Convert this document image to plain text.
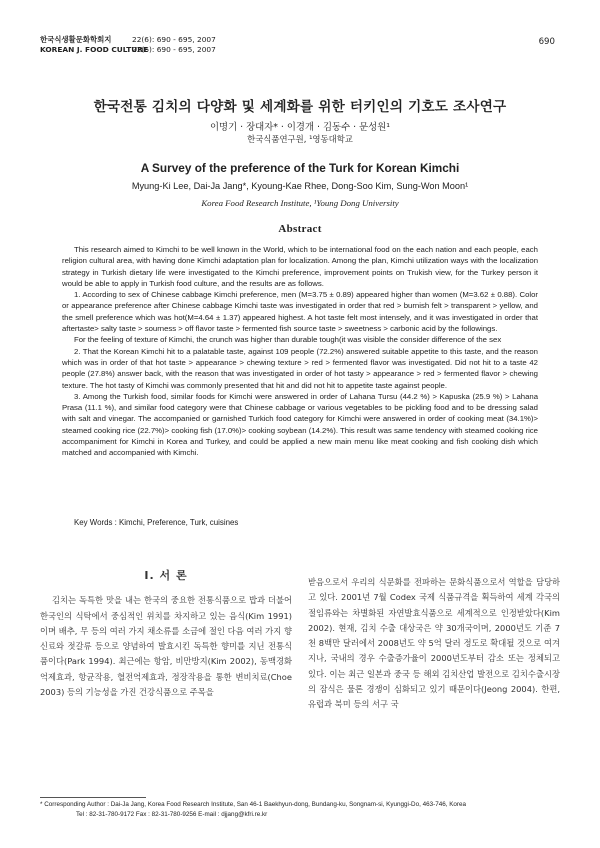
한국식생활문화학회지	22(6): 690 - 695, 2007
KOREAN J. FOOD CULTURE22(6): 690 - 695, 2007
690
한국전통 김치의 다양화 및 세계화를 위한 터키인의 기호도 조사연구
이명기 · 장대자* · 이경개 · 김동수 · 문성원¹
한국식품연구원, ¹영동대학교
A Survey of the preference of the Turk for Korean Kimchi
Myung-Ki Lee, Dai-Ja Jang*, Kyoung-Kae Rhee, Dong-Soo Kim, Sung-Won Moon¹
Korea Food Research Institute, ¹Young Dong University
Abstract

This research aimed to Kimchi to be well known in the World, which to be international food on the each nation and each people, each religion cultural area, with having done Kimchi adaptation plan for localization. Among the plan, Kimchi utilization ways with the localization strategy in Turkish dietary life were investigated to the Kimchi preference, improvement points on Trukish view, for the Turkey person it would be able to apply in Turkish food culture, and the results are as follows.

1. According to sex of Chinese cabbage Kimchi preference, men (M=3.75 ± 0.89) appeared higher than women (M=3.62 ± 0.88). Color or appearance preference after Chinese cabbage Kimchi taste was investigated in order that red > burnish felt > transparent > yellow, and the smell preference which was hot(M=4.64 ± 1.37) appeared highest. A hot taste felt most intensely, and it was investigated in order that aftertaste> salty taste > sourness > off flavor taste > fermented fish source taste > sweetness > carbonic acid by the followings.

For the feeling of texture of Kimchi, the crunch was higher than durable tough(it was visible the consider difference of the sex

2. That the Korean Kimchi hit to a palatable taste, against 109 people (72.2%) answered suitable appetite to this taste, and the reason which was in order of that hot taste > appearance > chewing texture > red > fermented flavor was investigated. Did not hit to a taste 42 people (27.8%) answer back, with the reason that was investigated in order of hot tasty > appearance > red > fermented flavor > chewing texture. The hot tasty of Kimchi was commonly presented that hit and did not hit to appetite taste against people.

3. Among the Turkish food, similar foods for Kimchi were answered in order of Lahana Tursu (44.2 %) > Kapuska (25.9 %) > Lahana Prasa (11.1 %), and similar food category were that Chinese cabbage or various vegetables to be pickling food and to be dressing salad with salt and vinegar. The accompanied or garnished Turkich food category for Kimchi were answered in order of cooking meat (34.1%)> steamed cooking rice (22.7%)> cooking fish (17.0%)> cooking soybean (14.2%). This result was same tendency with steamed cooking rice accompaniment for Kimchi in Korea and Turkey, and could be applied a new main menu like meat cooking and fish cooking dish which matched and accompanied with Kimchi.

Key Words : Kimchi, Preference, Turk, cuisines
Ⅰ. 서 론

김치는 독특한 맛을 내는 한국의 중요한 전통식품으로 밥과 더불어 한국인의 식탁에서 중심적인 위치를 차지하고 있는 음식(Kim 1991)이며 배추, 무 등의 여러 가지 채소류를 소금에 절인 다음 여러 가지 향신료와 젓갈류 등으로 양념하여 발효시킨 독특한 향미를 지닌 전통식품이다(Park 1994). 최근에는 항암, 비만방지(Kim 2002), 동맥경화 억제효과, 항균작용, 혈전억제효과, 정장작용을 통한 변비치료(Choe 2003) 등의 기능성을 가진 건강식품으로 주목을

받음으로서 우리의 식문화를 전파하는 문화식품으로서 역할을 담당하고 있다. 2001년 7월 Codex 국제 식품규격을 획득하여 세계 각국의 절임류와는 차별화된 자연발효식품으로 세계적으로 인정받았다(Kim 2002). 현재, 김치 수출 대상국은 약 30개국이며, 2000년도 기준 7천 8백만 달러에서 2008년도 약 5억 달러 정도로 확대될 것으로 여겨지나, 국내의 경우 수출증가율이 2000년도부터 감소 또는 정체되고 있다. 이는 최근 일본과 중국 등 해외 김치산업 발전으로 김치수출시장의 잠식은 물론 경쟁이 심화되고 있기 때문이다(Jeong 2004). 한편, 유럽과 북미 등의 서구 국

* Corresponding Author : Dai-Ja Jang, Korea Food Research Institute, San 46-1 Baekhyun-dong, Bundang-ku, Songnam-si, Kyunggi-Do, 463-746, Korea
Tel : 82-31-780-9172 Fax : 82-31-780-9256 E-mail : djjang@kfri.re.kr
